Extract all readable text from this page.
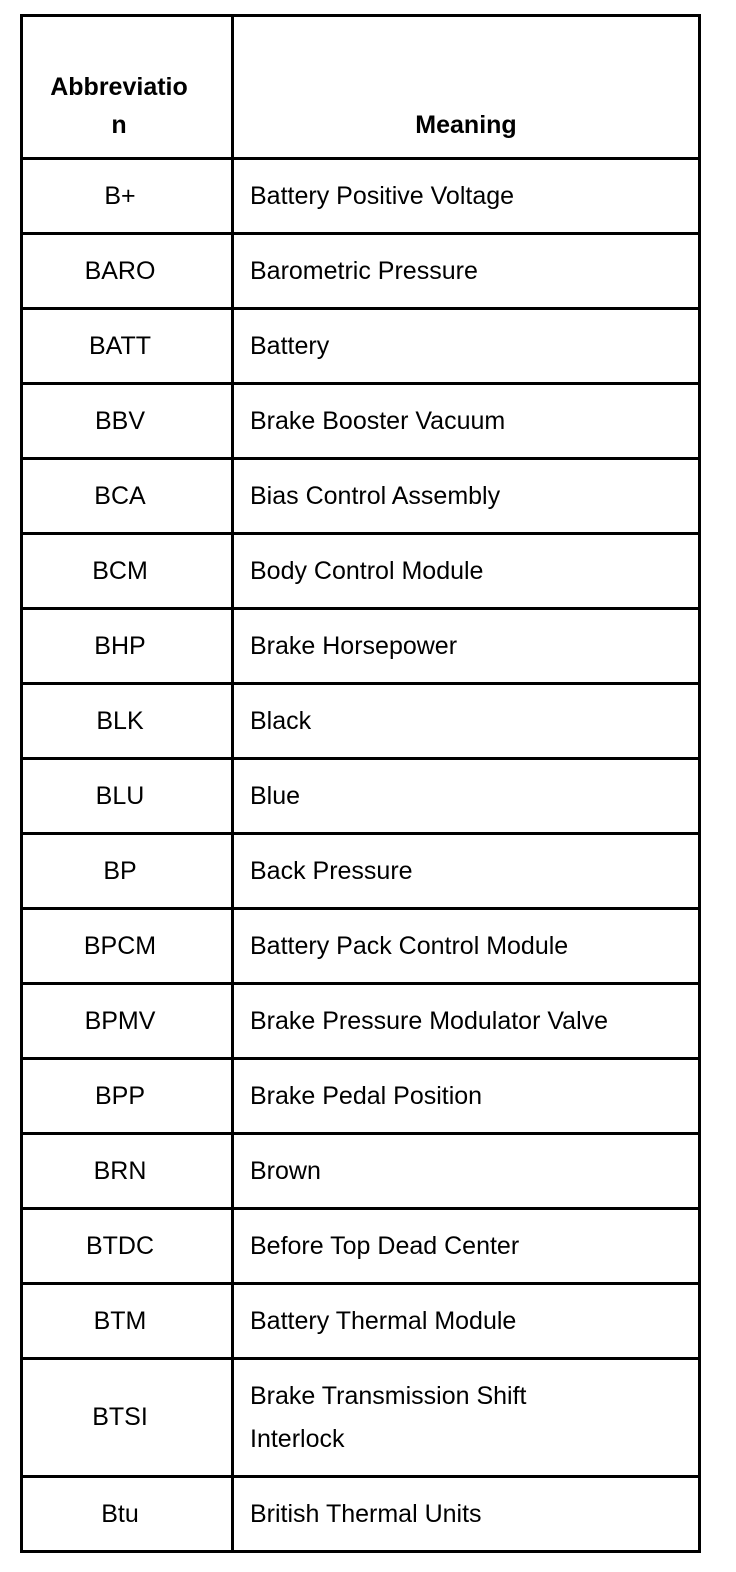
Abbreviation	Meaning
B+	Battery Positive Voltage
BARO	Barometric Pressure
BATT	Battery
BBV	Brake Booster Vacuum
BCA	Bias Control Assembly
BCM	Body Control Module
BHP	Brake Horsepower
BLK	Black
BLU	Blue
BP	Back Pressure
BPCM	Battery Pack Control Module
BPMV	Brake Pressure Modulator Valve
BPP	Brake Pedal Position
BRN	Brown
BTDC	Before Top Dead Center
BTM	Battery Thermal Module
BTSI	Brake Transmission Shift Interlock
Btu	British Thermal Units
